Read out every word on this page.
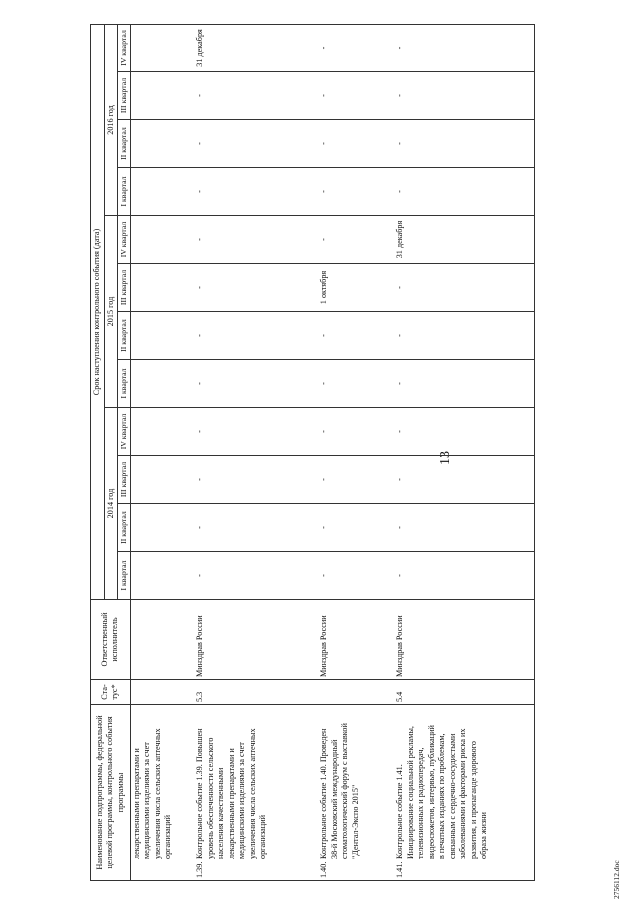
13
2756112.doc
Наименование подпрограммы, федеральной целевой программы, контрольного события программы	Ста-тус*	Ответственный исполнитель	Срок наступления контрольного события (дата)											
			2014 год				2015 год				2016 год			
			I квартал	II квартал	III квартал	IV квартал	I квартал	II квартал	III квартал	IV квартал	I квартал	II квартал	III квартал	IV квартал
лекарственными препаратами и медицинскими изделиями за счет увеличения числа сельских аптечных организаций														
1.39.Контрольное событие 1.39. Повышен уровень обеспеченности сельского населения качественными лекарственными препаратами и медицинскими изделиями за счет увеличения числа сельских аптечных организаций	5.3	Минздрав России	-	-	-	-	-	-	-	-	-	-	-	31 декабря
1.40.Контрольное событие 1.40. Проведен 38-й Московский международный стоматологический форум с выставкой "Дентал-Экспо 2015"		Минздрав России	-	-	-	-	-	-	1 октября	-	-	-	-	-
1.41.Контрольное событие 1.41. Инициирование социальной рекламы, телевизионных и радиопередач, видеосюжетов, интервью, публикаций в печатных изданиях по проблемам, связанным с сердечно-сосудистыми заболеваниями и факторами риска их развития, и пропаганде здорового образа жизни	5.4	Минздрав России	-	-	-	-	-	-	-	31 декабря	-	-	-	-
